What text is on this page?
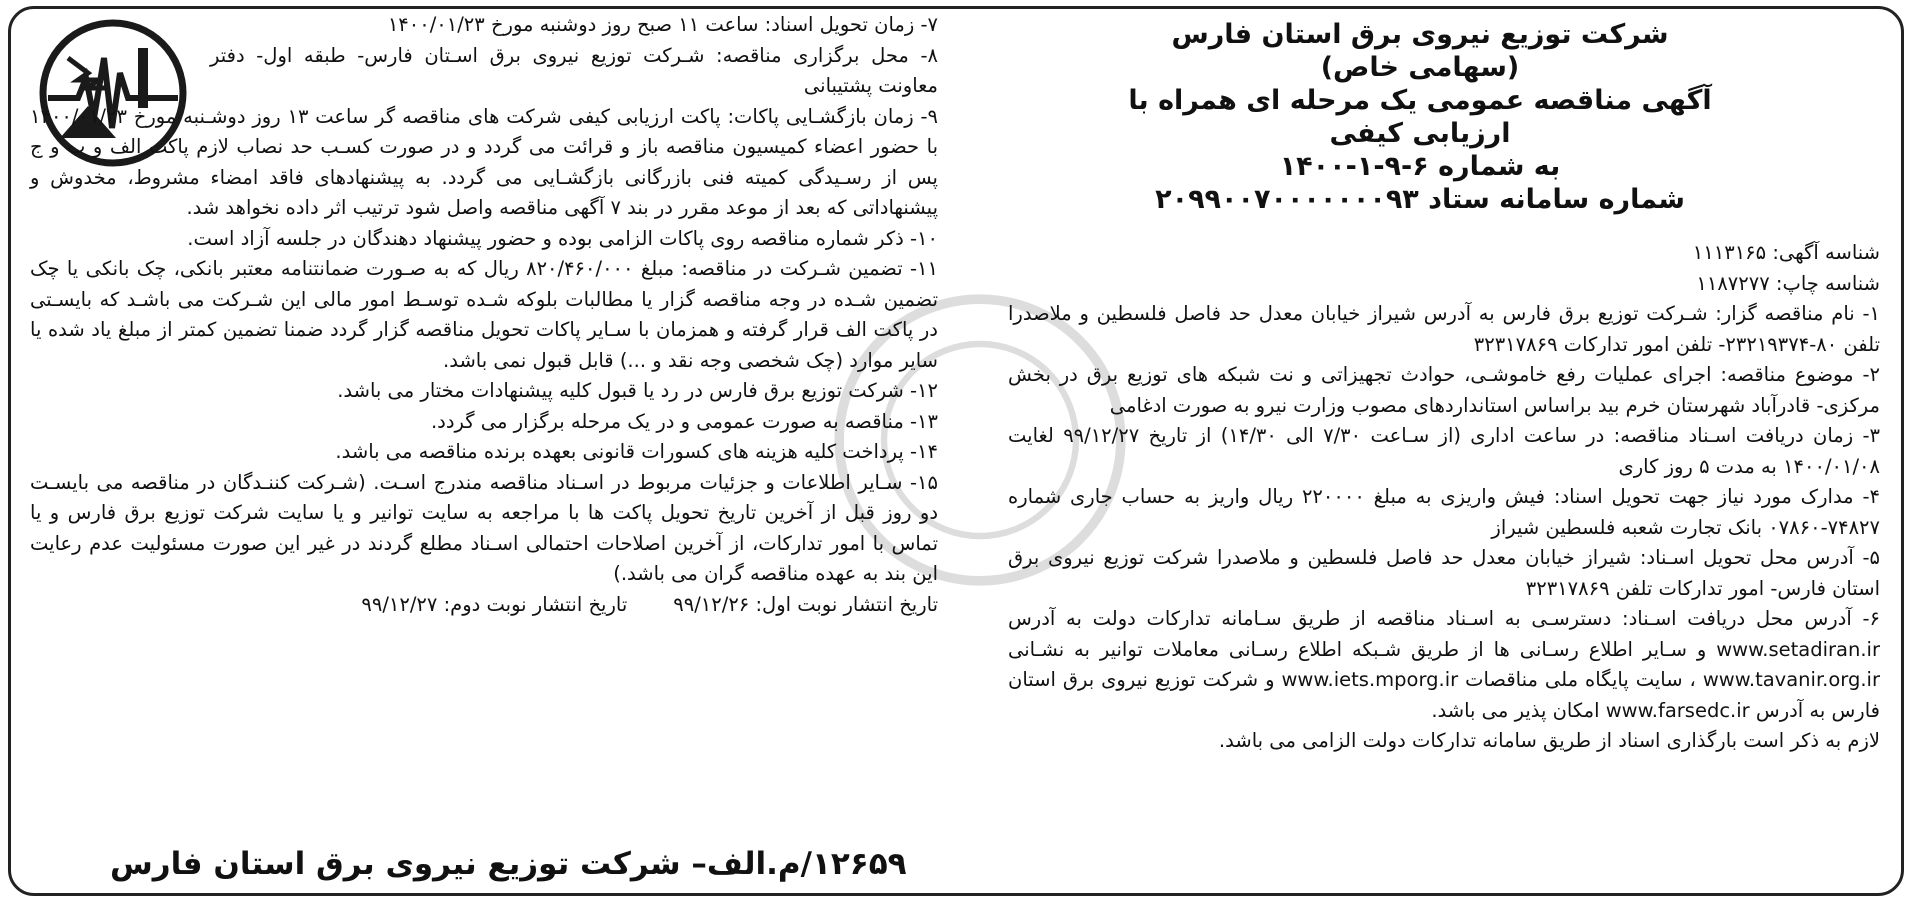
شرکت توزیع نیروی برق استان فارس
(سهامی خاص)
آگهی مناقصه عمومی یک مرحله ای همراه با ارزیابی کیفی
به شماره ۶-۹-۱-۱۴۰۰
شماره سامانه ستاد ۲۰۹۹۰۰۷۰۰۰۰۰۰۰۹۳

شناسه آگهی: ۱۱۱۳۱۶۵

شناسه چاپ: ۱۱۸۷۲۷۷

۱- نام مناقصه گزار: شـرکت توزیع برق فارس به آدرس شیراز خیابان معدل حد فاصل فلسطین و ملاصدرا تلفن ۸۰-۲۳۲۱۹۳۷۴- تلفن امور تدارکات ۳۲۳۱۷۸۶۹

۲- موضوع مناقصه: اجرای عملیات رفع خاموشـی، حوادث تجهیزاتی و نت شبکه های توزیع برق در بخش مرکزی- قادرآباد شهرستان خرم بید براساس استانداردهای مصوب وزارت نیرو به صورت ادغامی

۳- زمان دریافت اسـناد مناقصه: در ساعت اداری (از سـاعت ۷/۳۰ الی ۱۴/۳۰) از تاریخ ۹۹/۱۲/۲۷ لغایت ۱۴۰۰/۰۱/۰۸ به مدت ۵ روز کاری

۴- مدارک مورد نیاز جهت تحویل اسناد: فیش واریزی به مبلغ ۲۲۰۰۰۰ ریال واریز به حساب جاری شماره ۷۴۸۲۷-۰۷۸۶۰ بانک تجارت شعبه فلسطین شیراز

۵- آدرس محل تحویل اسـناد: شیراز خیابان معدل حد فاصل فلسطین و ملاصدرا شرکت توزیع نیروی برق استان فارس- امور تدارکات تلفن ۳۲۳۱۷۸۶۹

۶- آدرس محل دریافت اسـناد: دسترسـی به اسـناد مناقصه از طریق سـامانه تدارکات دولت به آدرس www.setadiran.ir و سـایر اطلاع رسـانی ها از طریق شـبکه اطلاع رسـانی معاملات توانیر به نشـانی www.tavanir.org.ir ، سایت پایگاه ملی مناقصات www.iets.mporg.ir و شرکت توزیع نیروی برق استان فارس به آدرس www.farsedc.ir امکان پذیر می باشد.

لازم به ذکر است بارگذاری اسناد از طریق سامانه تدارکات دولت الزامی می باشد.

۷- زمان تحویل اسناد: ساعت ۱۱ صبح روز دوشنبه مورخ ۱۴۰۰/۰۱/۲۳

۸- محل برگزاری مناقصه: شـرکت توزیع نیروی برق اسـتان فارس- طبقه اول- دفتر معاونت پشتیبانی

۹- زمان بازگشـایی پاکات: پاکت ارزیابی کیفی شرکت های مناقصه گر ساعت ۱۳ روز دوشـنبه مورخ ۱۴۰۰/۰۱/۲۳ با حضور اعضاء کمیسیون مناقصه باز و قرائت می گردد و در صورت کسـب حد نصاب لازم پاکت الف و ب و ج پس از رسـیدگی کمیته فنی بازرگانی بازگشـایی می گردد. به پیشنهادهای فاقد امضاء مشروط، مخدوش و پیشنهاداتی که بعد از موعد مقرر در بند ۷ آگهی مناقصه واصل شود ترتیب اثر داده نخواهد شد.

۱۰- ذکر شماره مناقصه روی پاکات الزامی بوده و حضور پیشنهاد دهندگان در جلسه آزاد است.

۱۱- تضمین شـرکت در مناقصه: مبلغ ۸۲۰/۴۶۰/۰۰۰ ریال که به صـورت ضمانتنامه معتبر بانکی، چک بانکی یا چک تضمین شـده در وجه مناقصه گزار یا مطالبات بلوکه شـده توسـط امور مالی این شـرکت می باشـد که بایسـتی در پاکت الف قرار گرفته و همزمان با سـایر پاکات تحویل مناقصه گزار گردد ضمنا تضمین کمتر از مبلغ یاد شده یا سایر موارد (چک شخصی وجه نقد و ...) قابل قبول نمی باشد.

۱۲- شرکت توزیع برق فارس در رد یا قبول کلیه پیشنهادات مختار می باشد.

۱۳- مناقصه به صورت عمومی و در یک مرحله برگزار می گردد.

۱۴- پرداخت کلیه هزینه های کسورات قانونی بعهده برنده مناقصه می باشد.

۱۵- سـایر اطلاعات و جزئیات مربوط در اسـناد مناقصه مندرج اسـت. (شـرکت کننـدگان در مناقصه می بایسـت دو روز قبل از آخرین تاریخ تحویل پاکت ها با مراجعه به سایت توانیر و یا سایت شرکت توزیع برق فارس و یا تماس با امور تدارکات، از آخرین اصلاحات احتمالی اسـناد مطلع گردند در غیر این صورت مسئولیت عدم رعایت این بند به عهده مناقصه گران می باشد.)

تاریخ انتشار نوبت اول: ۹۹/۱۲/۲۶
تاریخ انتشار نوبت دوم: ۹۹/۱۲/۲۷
۱۲۶۵۹/م.الف– شرکت توزیع نیروی برق استان فارس
